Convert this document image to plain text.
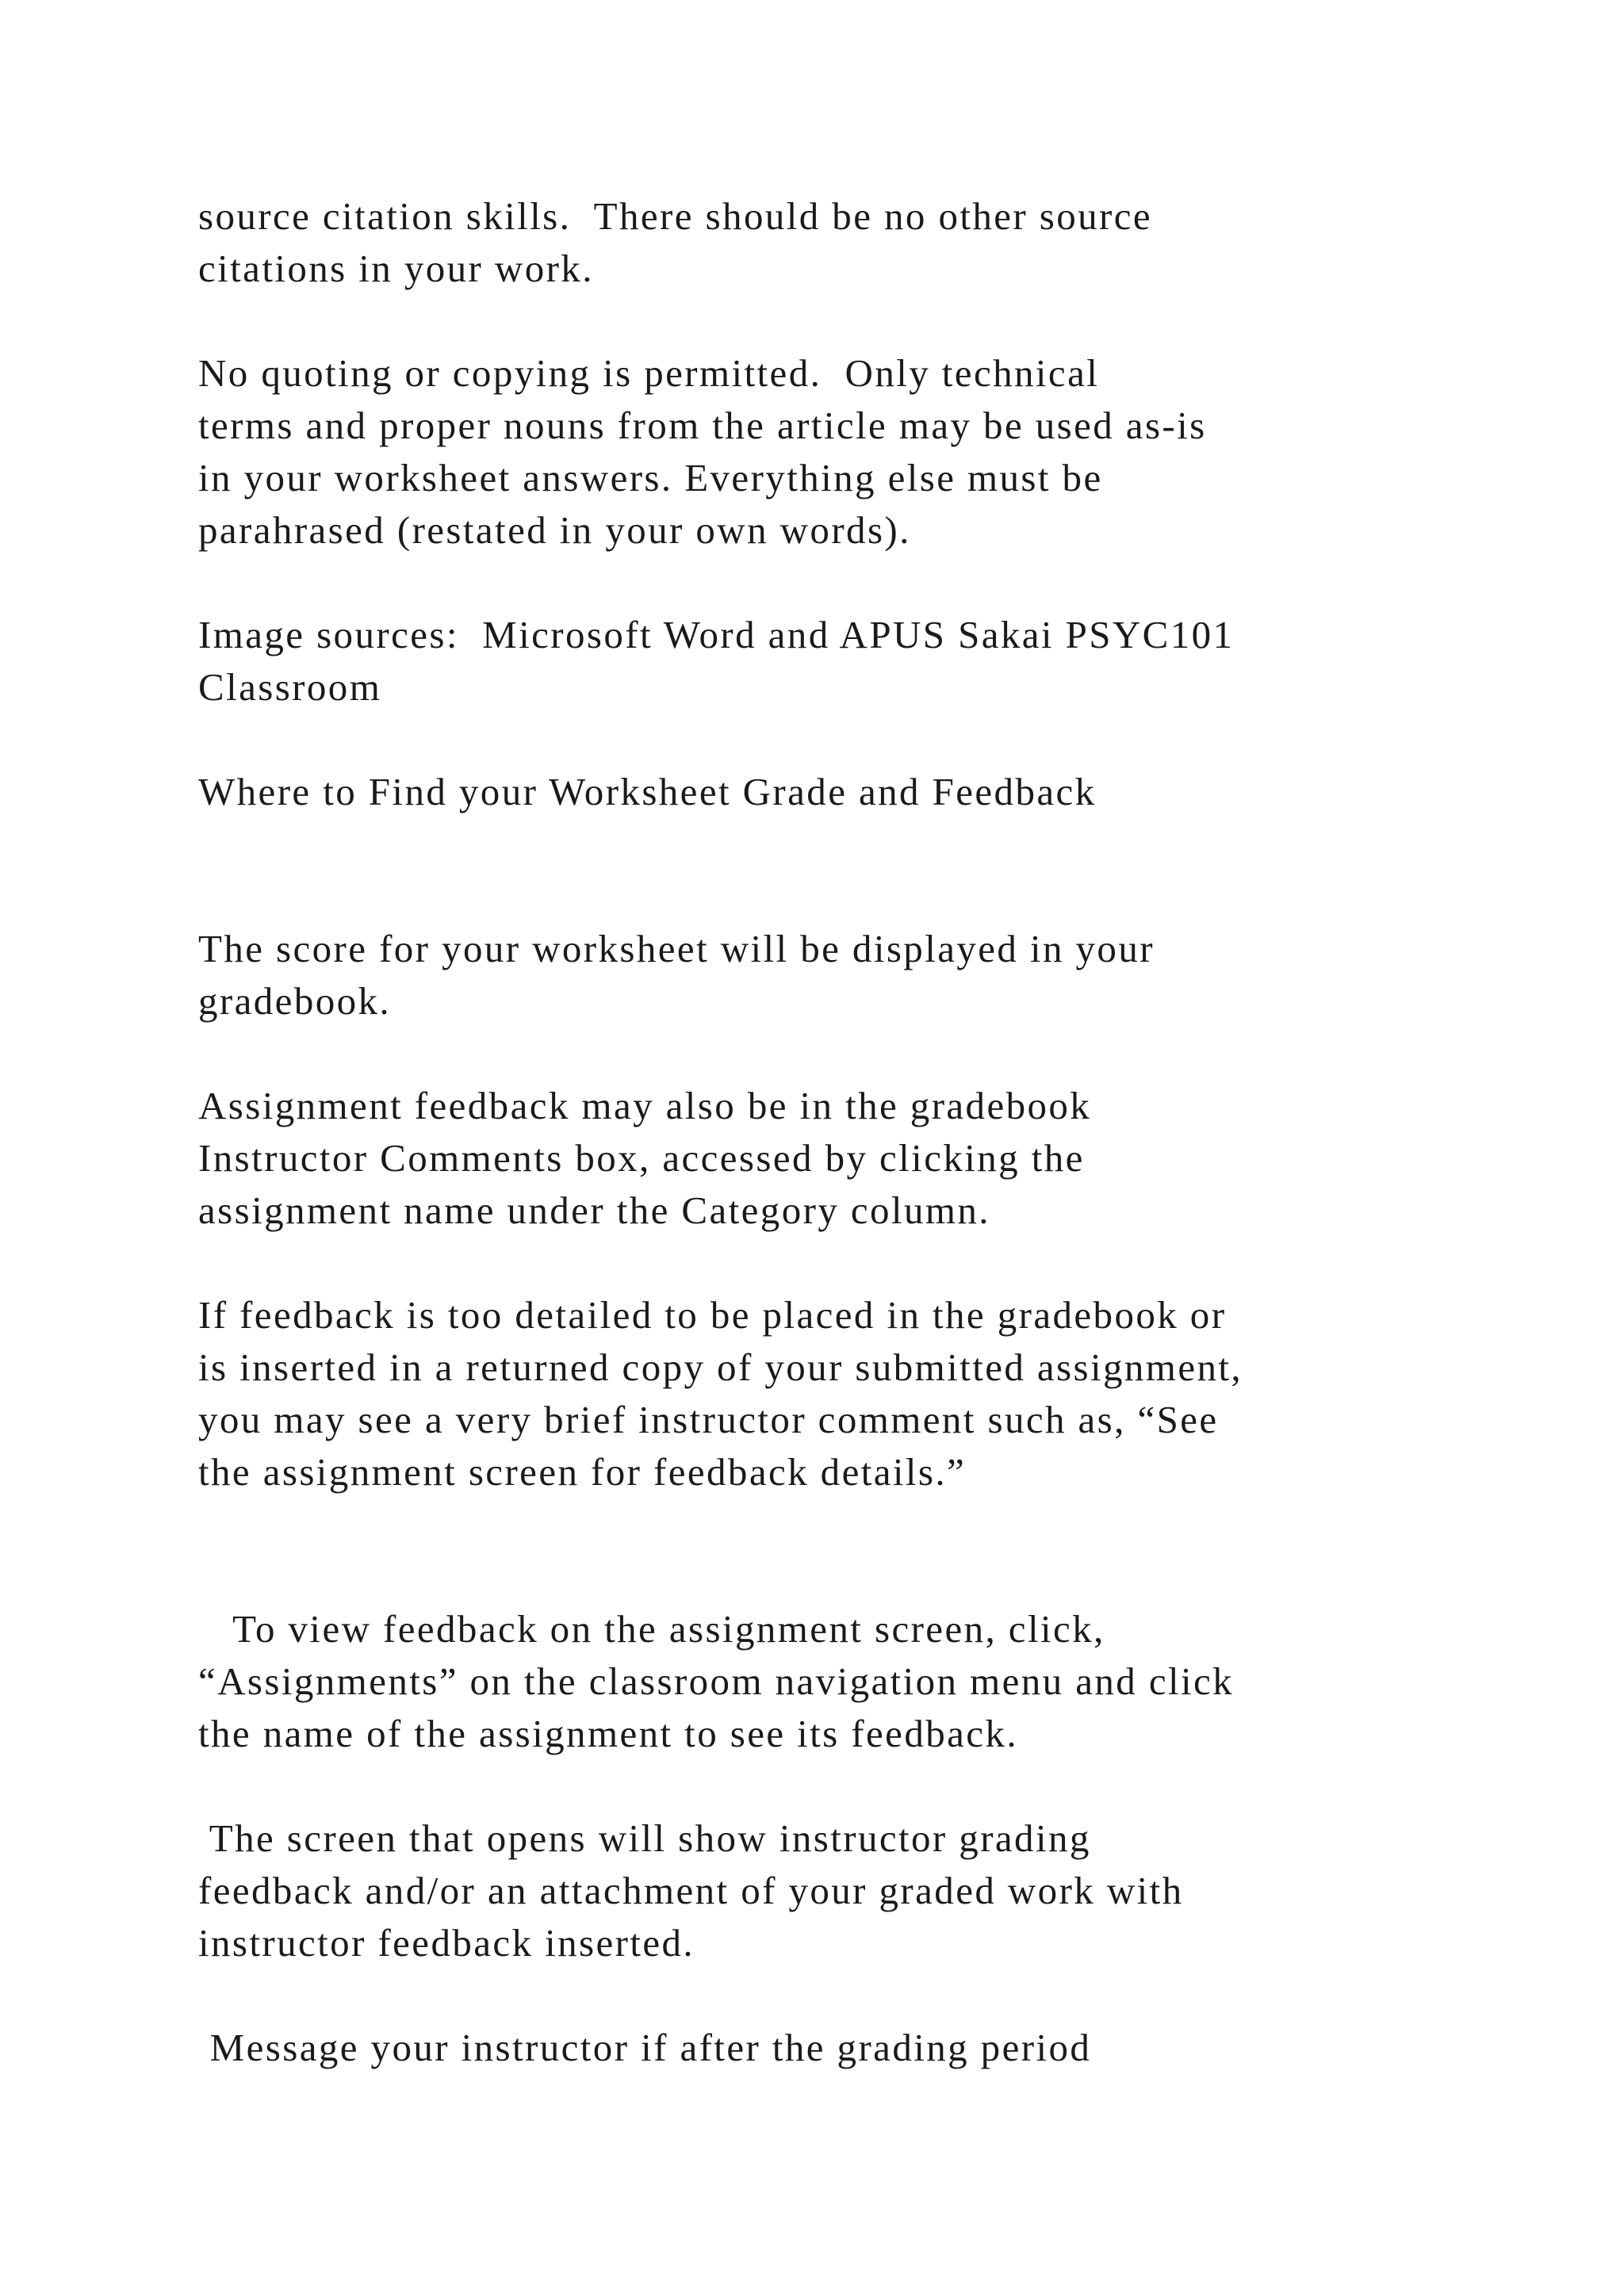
source citation skills.  There should be no other source
citations in your work.

No quoting or copying is permitted.  Only technical
terms and proper nouns from the article may be used as-is
in your worksheet answers. Everything else must be
parahrased (restated in your own words).

Image sources:  Microsoft Word and APUS Sakai PSYC101
Classroom

Where to Find your Worksheet Grade and Feedback

The score for your worksheet will be displayed in your
gradebook.

Assignment feedback may also be in the gradebook
Instructor Comments box, accessed by clicking the
assignment name under the Category column.

If feedback is too detailed to be placed in the gradebook or
is inserted in a returned copy of your submitted assignment,
you may see a very brief instructor comment such as, “See
the assignment screen for feedback details.”

To view feedback on the assignment screen, click,
“Assignments” on the classroom navigation menu and click
the name of the assignment to see its feedback.

The screen that opens will show instructor grading
feedback and/or an attachment of your graded work with
instructor feedback inserted.

Message your instructor if after the grading period
